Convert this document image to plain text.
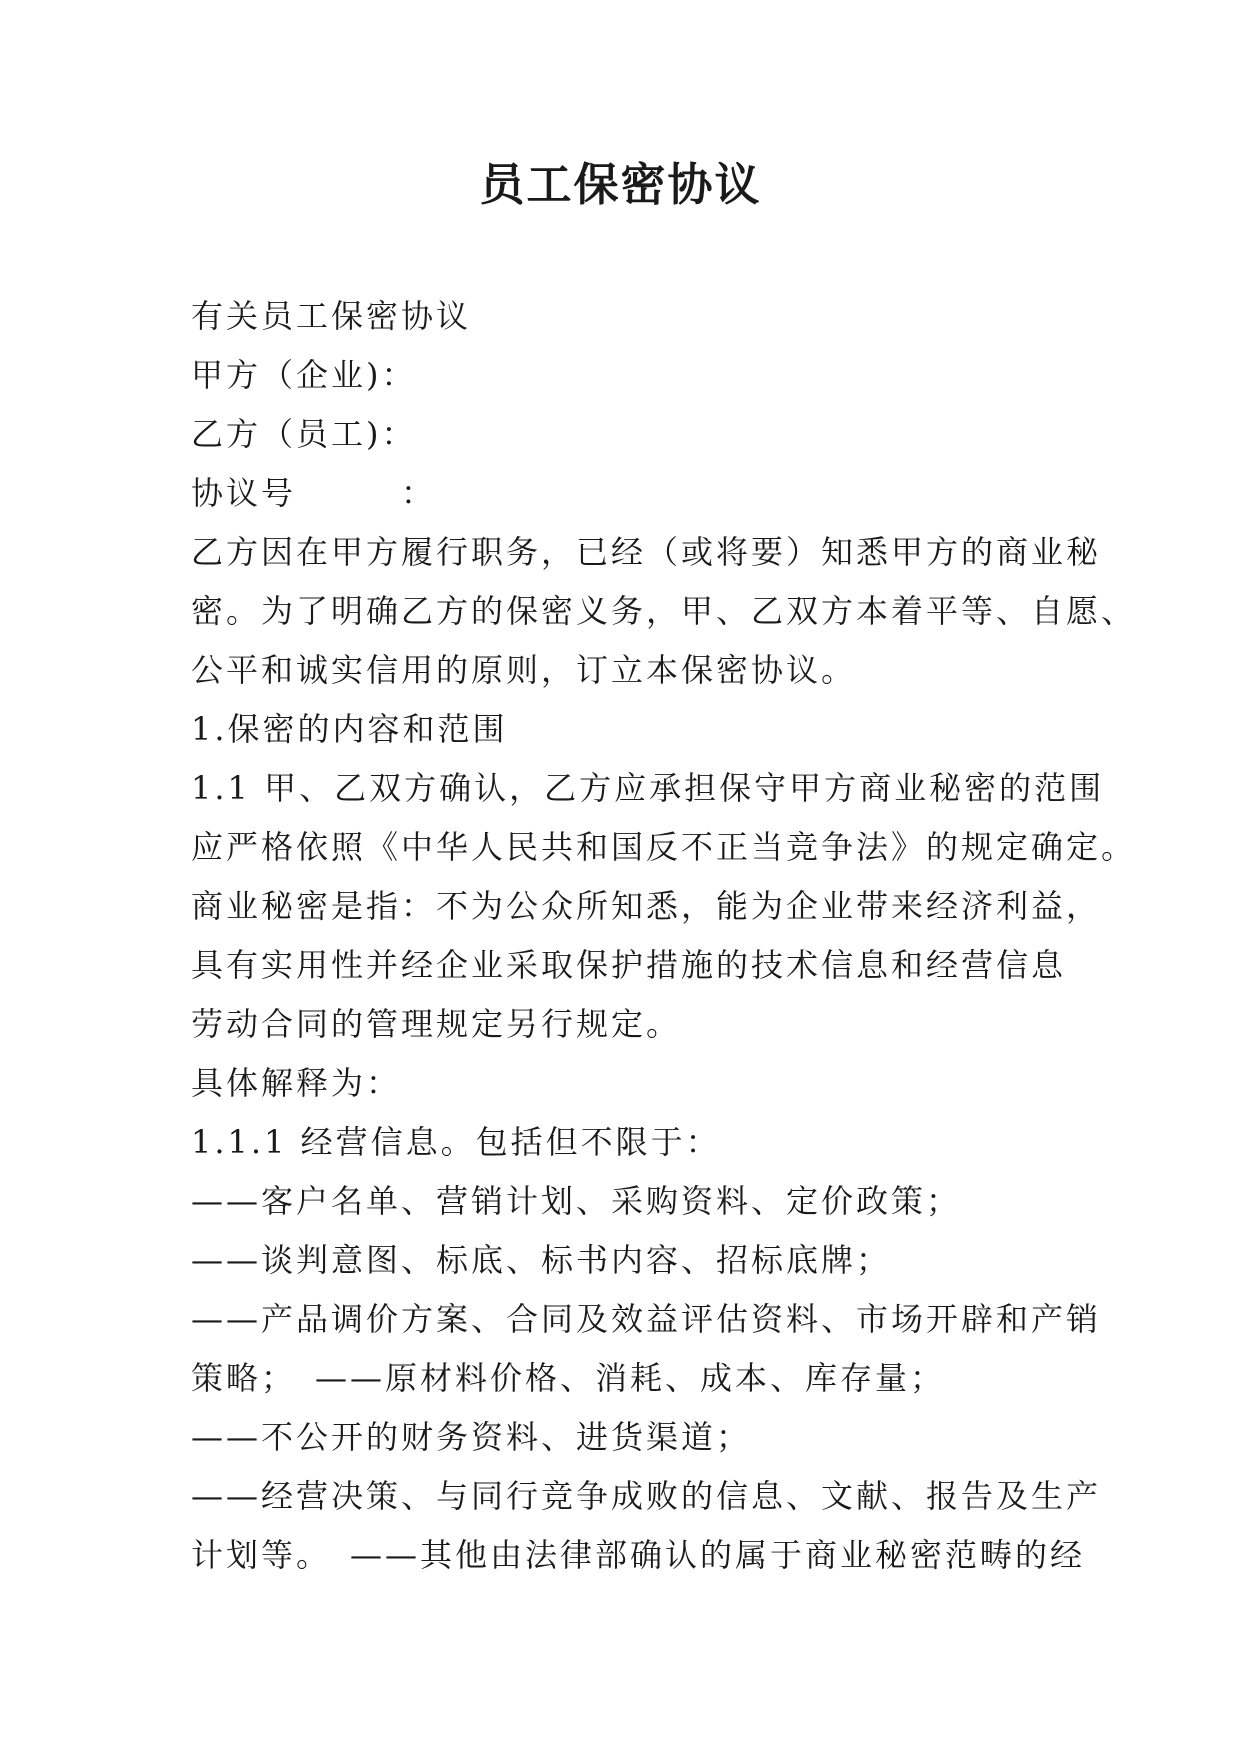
员工保密协议
有关员工保密协议
甲方（企业)：
乙方（员工)：
协议号　　　：
乙方因在甲方履行职务，已经（或将要）知悉甲方的商业秘
密。为了明确乙方的保密义务，甲、乙双方本着平等、自愿、
公平和诚实信用的原则，订立本保密协议。
1.保密的内容和范围
1.1 甲、乙双方确认，乙方应承担保守甲方商业秘密的范围
应严格依照《中华人民共和国反不正当竞争法》的规定确定。
商业秘密是指：不为公众所知悉，能为企业带来经济利益，
具有实用性并经企业采取保护措施的技术信息和经营信息
劳动合同的管理规定另行规定。
具体解释为：
1.1.1 经营信息。包括但不限于：
——客户名单、营销计划、采购资料、定价政策；
——谈判意图、标底、标书内容、招标底牌；
——产品调价方案、合同及效益评估资料、市场开辟和产销
策略；　——原材料价格、消耗、成本、库存量；
——不公开的财务资料、进货渠道；
——经营决策、与同行竞争成败的信息、文献、报告及生产
计划等。　——其他由法律部确认的属于商业秘密范畴的经
